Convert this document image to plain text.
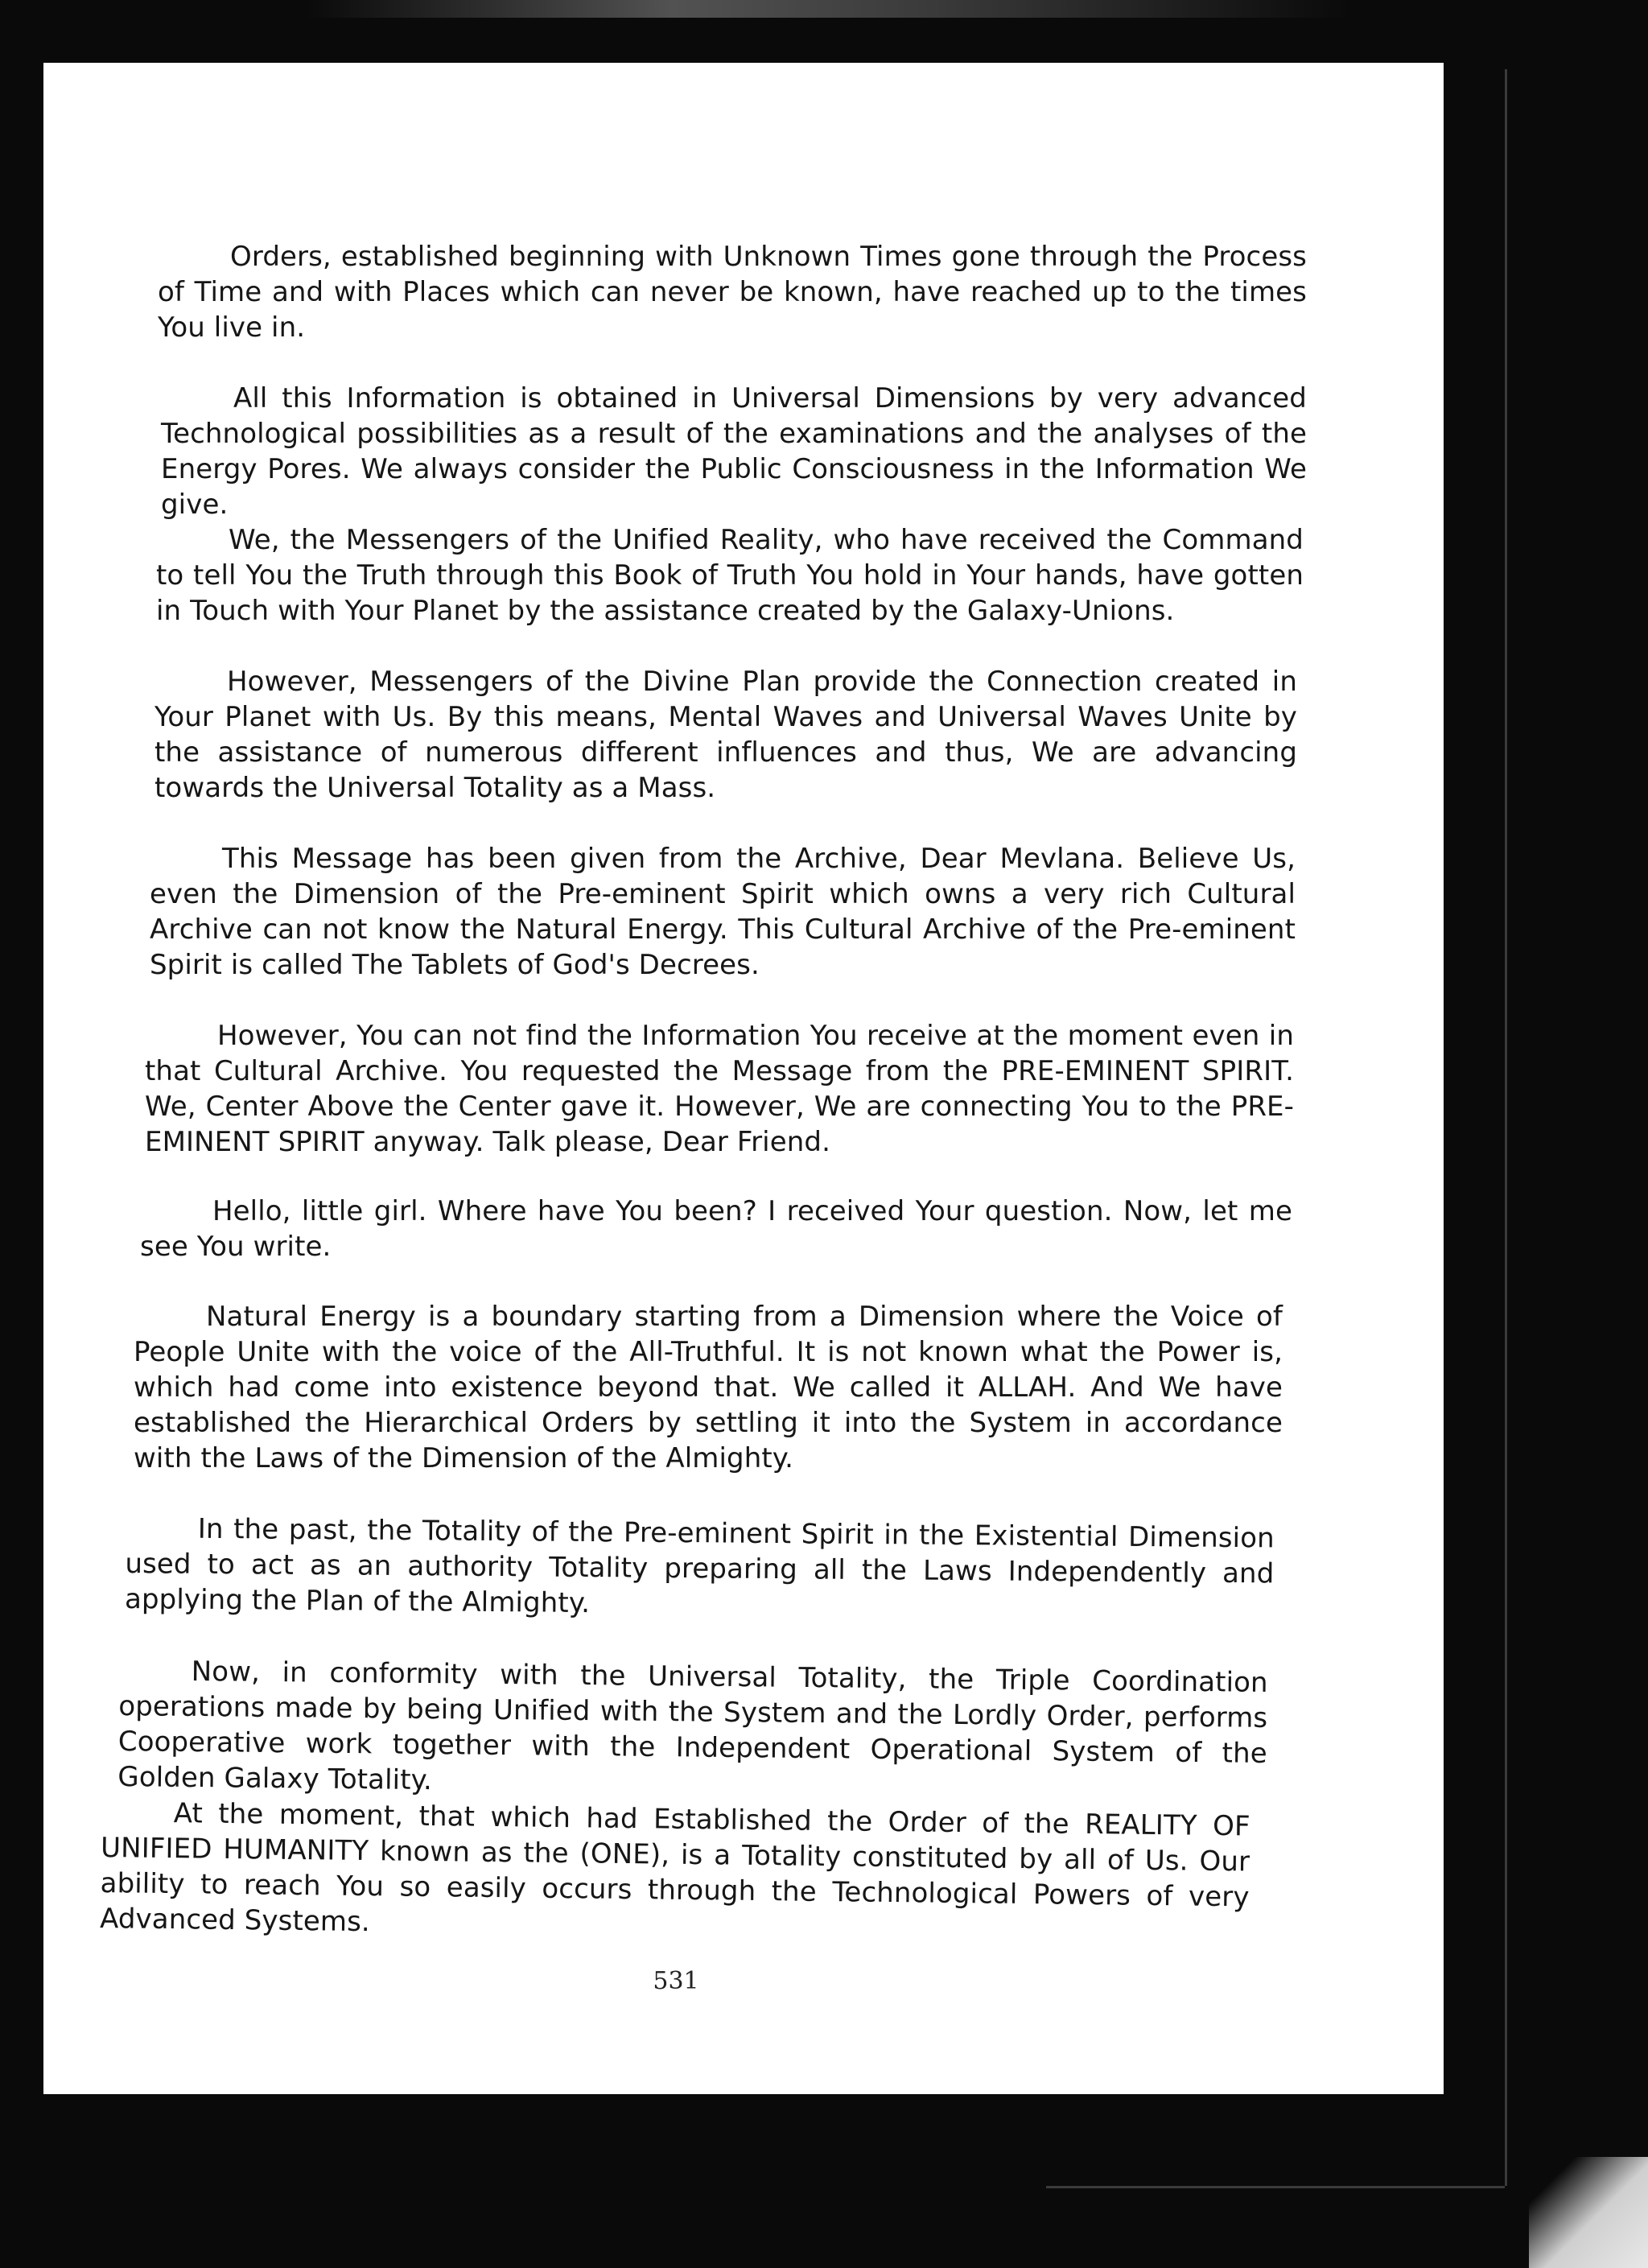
Orders, established beginning with Unknown Times gone through the Process of Time and with Places which can never be known, have reached up to the times You live in.

All this Information is obtained in Universal Dimensions by very advanced Technological possibilities as a result of the examinations and the analyses of the Energy Pores. We always consider the Public Consciousness in the Information We give.

We, the Messengers of the Unified Reality, who have received the Command to tell You the Truth through this Book of Truth You hold in Your hands, have gotten in Touch with Your Planet by the assistance created by the Galaxy-Unions.

However, Messengers of the Divine Plan provide the Connection created in Your Planet with Us. By this means, Mental Waves and Universal Waves Unite by the assistance of numerous different influences and thus, We are advancing towards the Universal Totality as a Mass.

This Message has been given from the Archive, Dear Mevlana. Believe Us, even the Dimension of the Pre-eminent Spirit which owns a very rich Cultural Archive can not know the Natural Energy. This Cultural Archive of the Pre-eminent Spirit is called The Tablets of God's Decrees.

However, You can not find the Information You receive at the moment even in that Cultural Archive. You requested the Message from the PRE-EMINENT SPIRIT. We, Center Above the Center gave it. However, We are connecting You to the PRE-EMINENT SPIRIT anyway. Talk please, Dear Friend.

Hello, little girl. Where have You been? I received Your question. Now, let me see You write.

Natural Energy is a boundary starting from a Dimension where the Voice of People Unite with the voice of the All-Truthful. It is not known what the Power is, which had come into existence beyond that. We called it ALLAH. And We have established the Hierarchical Orders by settling it into the System in accordance with the Laws of the Dimension of the Almighty.

In the past, the Totality of the Pre-eminent Spirit in the Existential Dimension used to act as an authority Totality preparing all the Laws Independently and applying the Plan of the Almighty.

Now, in conformity with the Universal Totality, the Triple Coordination operations made by being Unified with the System and the Lordly Order, performs Cooperative work together with the Independent Operational System of the Golden Galaxy Totality.

At the moment, that which had Established the Order of the REALITY OF UNIFIED HUMANITY known as the (ONE), is a Totality constituted by all of Us. Our ability to reach You so easily occurs through the Technological Powers of very Advanced Systems.

531
